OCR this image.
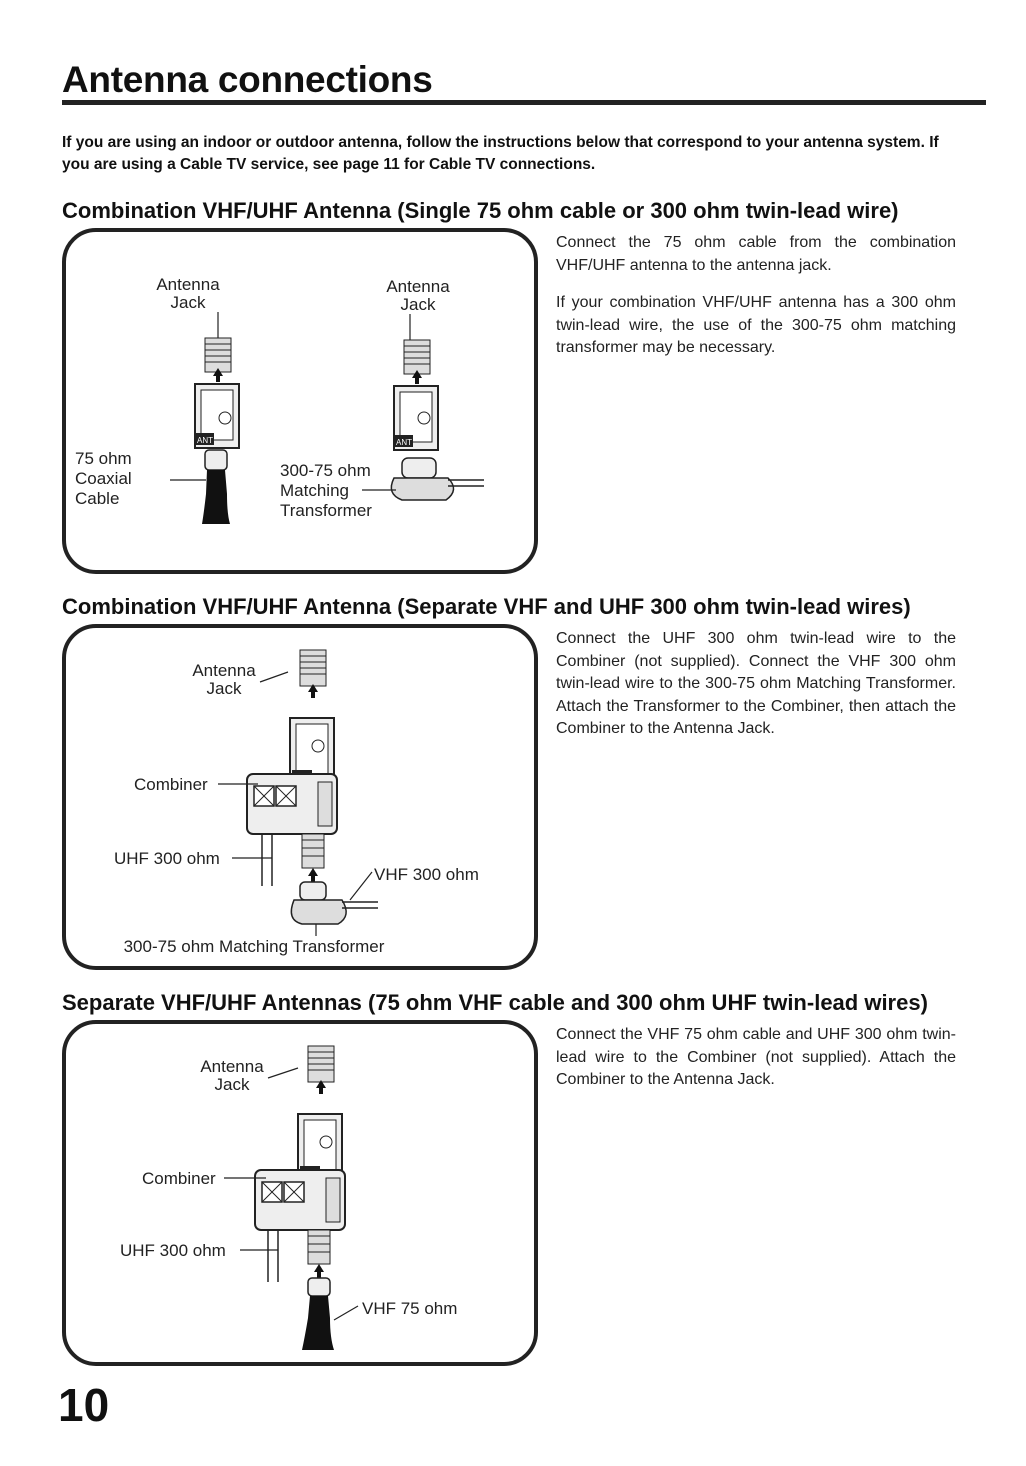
Antenna connections

If you are using an indoor or outdoor antenna, follow the instructions below that correspond to your antenna system. If you are using a Cable TV service, see page 11 for Cable TV connections.

Combination VHF/UHF Antenna (Single 75 ohm cable or 300 ohm twin-lead wire)
Antenna
Jack
Antenna
Jack
ANT
75 ohm
Coaxial
Cable
ANT
300-75 ohm
Matching
Transformer

Connect the 75 ohm cable from the combination VHF/UHF antenna to the antenna jack.

If your combination VHF/UHF antenna has a 300 ohm twin-lead wire, the use of the 300-75 ohm matching transformer may be necessary.

Combination VHF/UHF Antenna (Separate VHF and UHF 300 ohm twin-lead wires)
Antenna
Jack
Combiner
UHF 300 ohm
VHF 300 ohm
300-75 ohm Matching Transformer

Connect the UHF 300 ohm twin-lead wire to the Combiner (not supplied). Connect the VHF 300 ohm twin-lead wire to the 300-75 ohm Matching Transformer. Attach the Transformer to the Combiner, then attach the Combiner to the Antenna Jack.

Separate VHF/UHF Antennas (75 ohm VHF cable and 300 ohm UHF twin-lead wires)
Antenna
Jack
Combiner
UHF 300 ohm
VHF 75 ohm

Connect the VHF 75 ohm cable and UHF 300 ohm twin-lead wire to the Combiner (not supplied). Attach the Combiner to the Antenna Jack.

10
